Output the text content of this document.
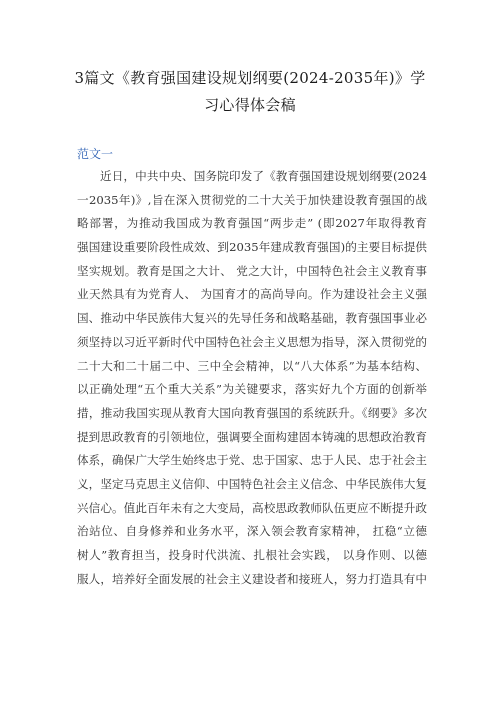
3篇文《教育强国建设规划纲要(2024-2035年)》学
习心得体会稿
范文一
近日，中共中央、国务院印发了《教育强国建设规划纲要(2024
一2035年)》,旨在深入贯彻党的二十大关于加快建设教育强国的战
略部署，为推动我国成为教育强国“两步走” (即2027年取得教育
强国建设重要阶段性成效、到2035年建成教育强国)的主要目标提供
坚实规划。教育是国之大计、 党之大计，中国特色社会主义教育事
业天然具有为党育人、 为国育才的高尚导向。作为建设社会主义强
国、推动中华民族伟大复兴的先导任务和战略基础，教育强国事业必
须坚持以习近平新时代中国特色社会主义思想为指导，深入贯彻党的
二十大和二十届二中、三中全会精神，以“八大体系”为基本结构、
以正确处理“五个重大关系”为关键要求，落实好九个方面的创新举
措，推动我国实现从教育大国向教育强国的系统跃升。《纲要》多次
提到思政教育的引领地位，强调要全面构建固本铸魂的思想政治教育
体系，确保广大学生始终忠于党、忠于国家、忠于人民、忠于社会主
义，坚定马克思主义信仰、中国特色社会主义信念、中华民族伟大复
兴信心。值此百年未有之大变局，高校思政教师队伍更应不断提升政
治站位、自身修养和业务水平，深入领会教育家精神， 扛稳“立德
树人”教育担当，投身时代洪流、扎根社会实践， 以身作则、以德
服人，培养好全面发展的社会主义建设者和接班人，努力打造具有中
